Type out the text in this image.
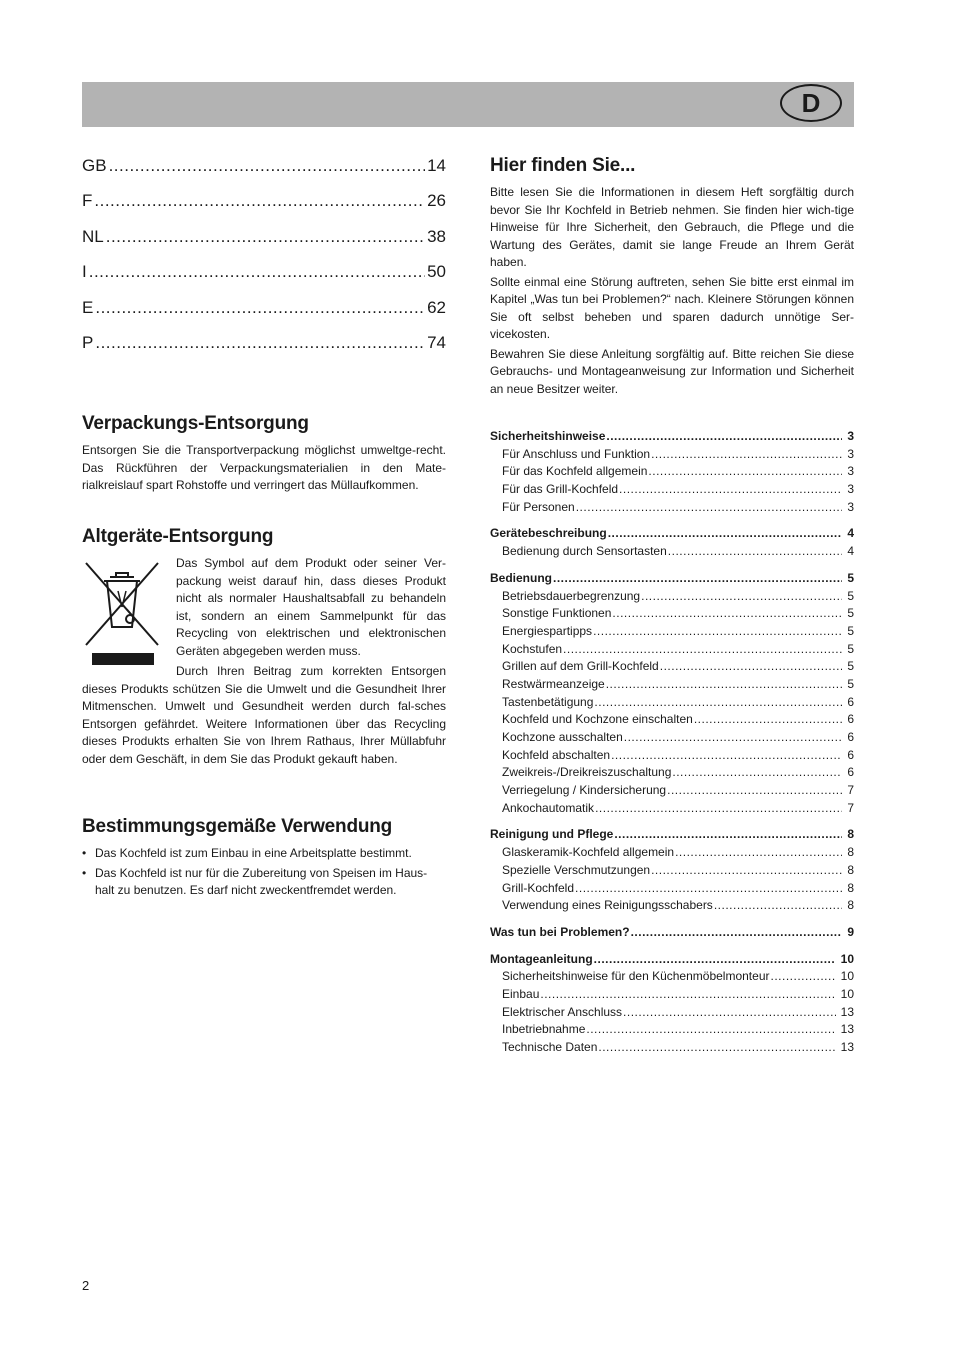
D
GB .....	14
F .....	26
NL .....	38
I .....	50
E .....	62
P .....	74
Verpackungs-Entsorgung

Entsorgen Sie die Transportverpackung möglichst umweltge-recht. Das Rückführen der Verpackungsmaterialien in den Mate-rialkreislauf spart Rohstoffe und verringert das Müllaufkommen.

Altgeräte-Entsorgung

Das Symbol auf dem Produkt oder seiner Ver-packung weist darauf hin, dass dieses Produkt nicht als normaler Haushaltsabfall zu behandeln ist, sondern an einem Sammelpunkt für das Recycling von elektrischen und elektronischen Geräten abgegeben werden muss.

Durch Ihren Beitrag zum korrekten Entsorgen dieses Produkts schützen Sie die Umwelt und die Gesundheit Ihrer Mitmenschen. Umwelt und Gesundheit werden durch fal-sches Entsorgen gefährdet. Weitere Informationen über das Recycling dieses Produkts erhalten Sie von Ihrem Rathaus, Ihrer Müllabfuhr oder dem Geschäft, in dem Sie das Produkt gekauft haben.

Bestimmungsgemäße Verwendung
• Das Kochfeld ist zum Einbau in eine Arbeitsplatte bestimmt.
• Das Kochfeld ist nur für die Zubereitung von Speisen im Haus-halt zu benutzen. Es darf nicht zweckentfremdet werden.
Hier finden Sie...

Bitte lesen Sie die Informationen in diesem Heft sorgfältig durch bevor Sie Ihr Kochfeld in Betrieb nehmen. Sie finden hier wich-tige Hinweise für Ihre Sicherheit, den Gebrauch, die Pflege und die Wartung des Gerätes, damit sie lange Freude an Ihrem Gerät haben.

Sollte einmal eine Störung auftreten, sehen Sie bitte erst einmal im Kapitel „Was tun bei Problemen?“ nach. Kleinere Störungen können Sie oft selbst beheben und sparen dadurch unnötige Ser-vicekosten.

Bewahren Sie diese Anleitung sorgfältig auf. Bitte reichen Sie diese Gebrauchs- und Montageanweisung zur Information und Sicherheit an neue Besitzer weiter.

Sicherheitshinweise .....	3
Für Anschluss und Funktion .....	3
Für das Kochfeld allgemein .....	3
Für das Grill-Kochfeld .....	3
Für Personen .....	3
Gerätebeschreibung .....	4
Bedienung durch Sensortasten .....	4
Bedienung .....	5
Betriebsdauerbegrenzung .....	5
Sonstige Funktionen .....	5
Energiespartipps .....	5
Kochstufen .....	5
Grillen auf dem Grill-Kochfeld .....	5
Restwärmeanzeige .....	5
Tastenbetätigung .....	6
Kochfeld und Kochzone einschalten .....	6
Kochzone ausschalten .....	6
Kochfeld abschalten .....	6
Zweikreis-/Dreikreiszuschaltung .....	6
Verriegelung / Kindersicherung .....	7
Ankochautomatik .....	7
Reinigung und Pflege .....	8
Glaskeramik-Kochfeld allgemein .....	8
Spezielle Verschmutzungen .....	8
Grill-Kochfeld .....	8
Verwendung eines Reinigungsschabers .....	8
Was tun bei Problemen? .....	9
Montageanleitung .....	10
Sicherheitshinweise für den Küchenmöbelmonteur .....	10
Einbau .....	10
Elektrischer Anschluss .....	13
Inbetriebnahme .....	13
Technische Daten .....	13
2
